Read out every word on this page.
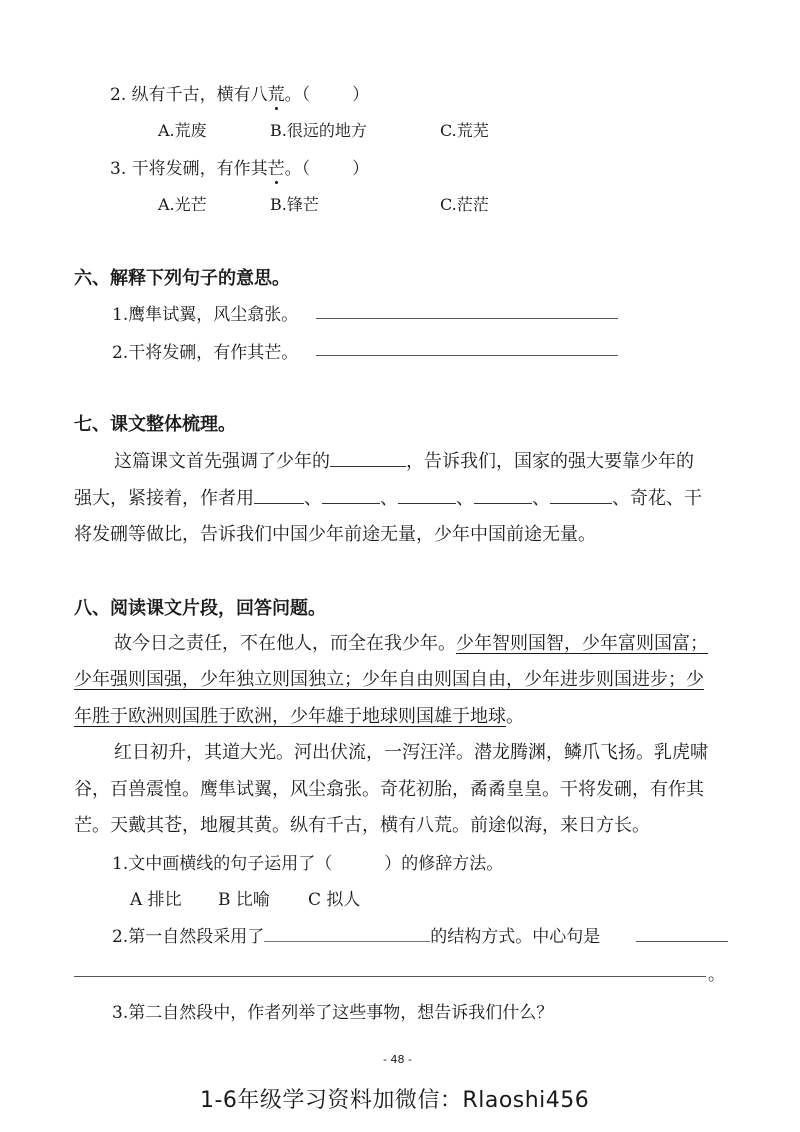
2. 纵有千古，横有八荒。（ ）
A.荒废	B.很远的地方	C.荒芜
3. 干将发硎，有作其芒。（ ）
A.光芒	B.锋芒	C.茫茫
六、解释下列句子的意思。
1.鹰隼试翼，风尘翕张。
2.干将发硎，有作其芒。
七、课文整体梳理。
这篇课文首先强调了少年的	，告诉我们，国家的强大要靠少年的
强大，紧接着，作者用	、	、	、	、	、奇花、干
将发硎等做比，告诉我们中国少年前途无量，少年中国前途无量。
八、阅读课文片段，回答问题。
故今日之责任，不在他人，而全在我少年。少年智则国智，少年富则国富；
少年强则国强，少年独立则国独立；少年自由则国自由，少年进步则国进步；少
年胜于欧洲则国胜于欧洲，少年雄于地球则国雄于地球。
红日初升，其道大光。河出伏流，一泻汪洋。潜龙腾渊，鳞爪飞扬。乳虎啸
谷，百兽震惶。鹰隼试翼，风尘翕张。奇花初胎，矞矞皇皇。干将发硎，有作其
芒。天戴其苍，地履其黄。纵有千古，横有八荒。前途似海，来日方长。
1.文中画横线的句子运用了（	）的修辞方法。
A 排比 B 比喻 C 拟人
2.第一自然段采用了	的结构方式。中心句是
。
3.第二自然段中，作者列举了这些事物，想告诉我们什么？
- 48 -
1-6年级学习资料加微信：Rlaoshi456
